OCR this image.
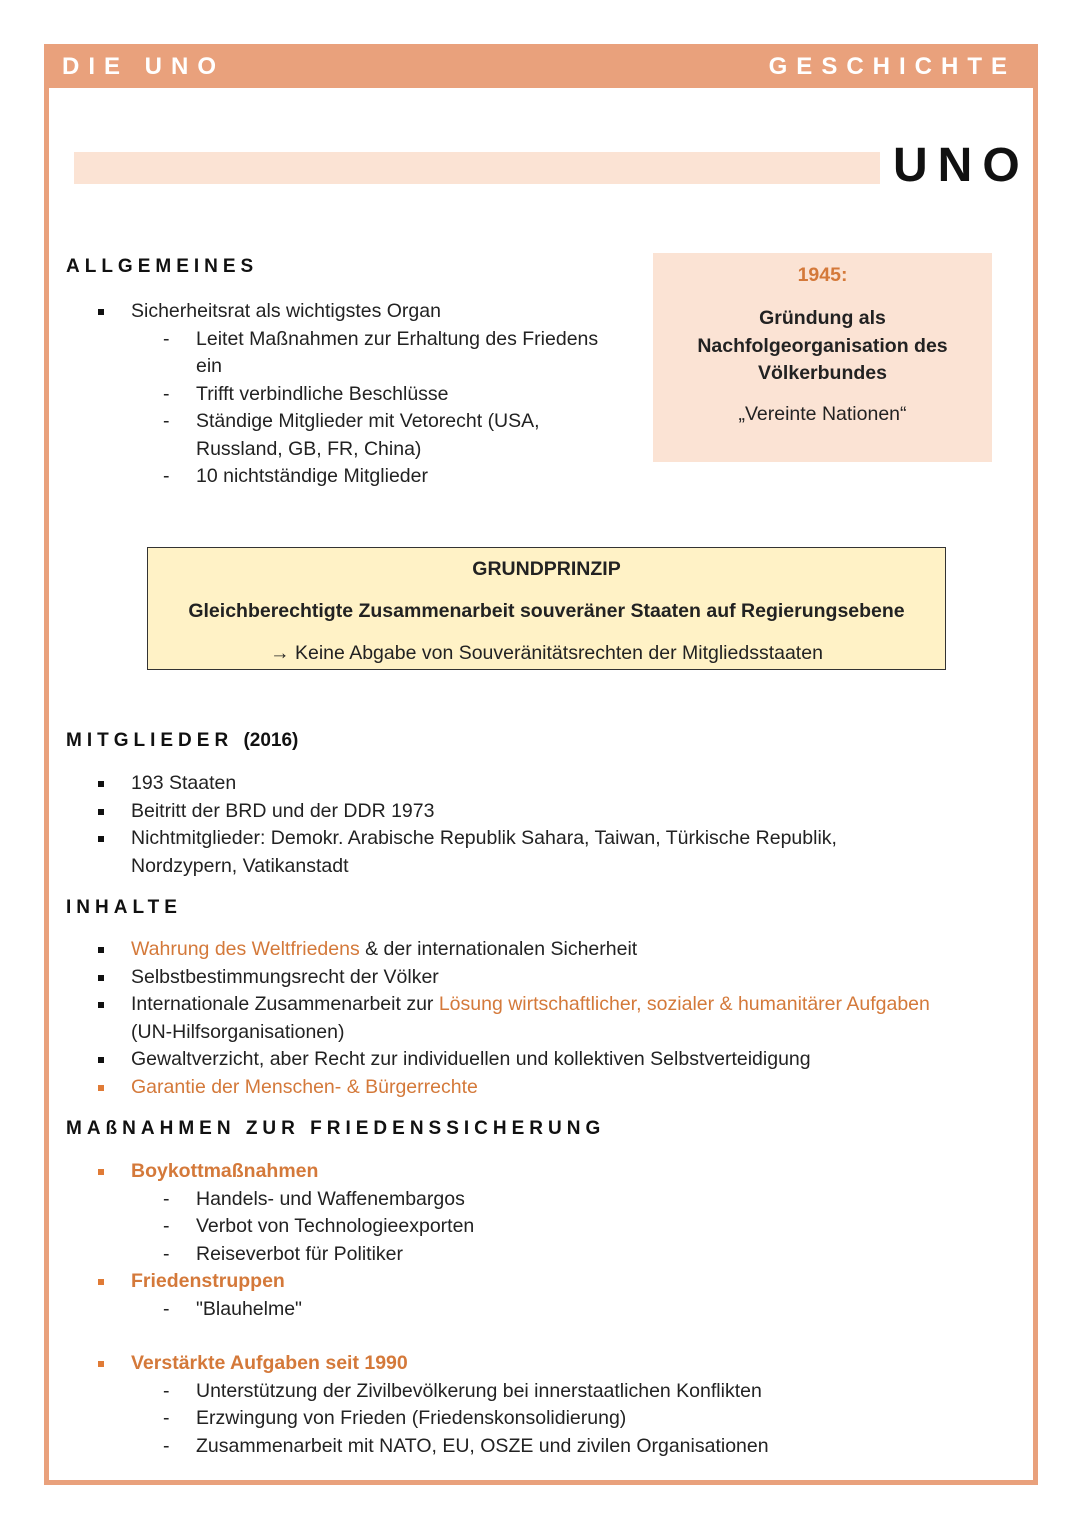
DIE UNO	GESCHICHTE
UNO
ALLGEMEINES
Sicherheitsrat als wichtigstes Organ
- Leitet Maßnahmen zur Erhaltung des Friedens ein
- Trifft verbindliche Beschlüsse
- Ständige Mitglieder mit Vetorecht (USA, Russland, GB, FR, China)
- 10 nichtständige Mitglieder
1945:
Gründung als Nachfolgeorganisation des Völkerbundes
„Vereinte Nationen“
GRUNDPRINZIP
Gleichberechtigte Zusammenarbeit souveräner Staaten auf Regierungsebene
→ Keine Abgabe von Souveränitätsrechten der Mitgliedsstaaten
MITGLIEDER (2016)
193 Staaten
Beitritt der BRD und der DDR 1973
Nichtmitglieder: Demokr. Arabische Republik Sahara, Taiwan, Türkische Republik, Nordzypern, Vatikanstadt
INHALTE
Wahrung des Weltfriedens & der internationalen Sicherheit
Selbstbestimmungsrecht der Völker
Internationale Zusammenarbeit zur Lösung wirtschaftlicher, sozialer & humanitärer Aufgaben (UN-Hilfsorganisationen)
Gewaltverzicht, aber Recht zur individuellen und kollektiven Selbstverteidigung
Garantie der Menschen- & Bürgerrechte
MAßNAHMEN ZUR FRIEDENSSICHERUNG
Boykottmaßnahmen
- Handels- und Waffenembargos
- Verbot von Technologieexporten
- Reiseverbot für Politiker
Friedenstruppen
- "Blauhelme"
Verstärkte Aufgaben seit 1990
- Unterstützung der Zivilbevölkerung bei innerstaatlichen Konflikten
- Erzwingung von Frieden (Friedenskonsolidierung)
- Zusammenarbeit mit NATO, EU, OSZE und zivilen Organisationen
